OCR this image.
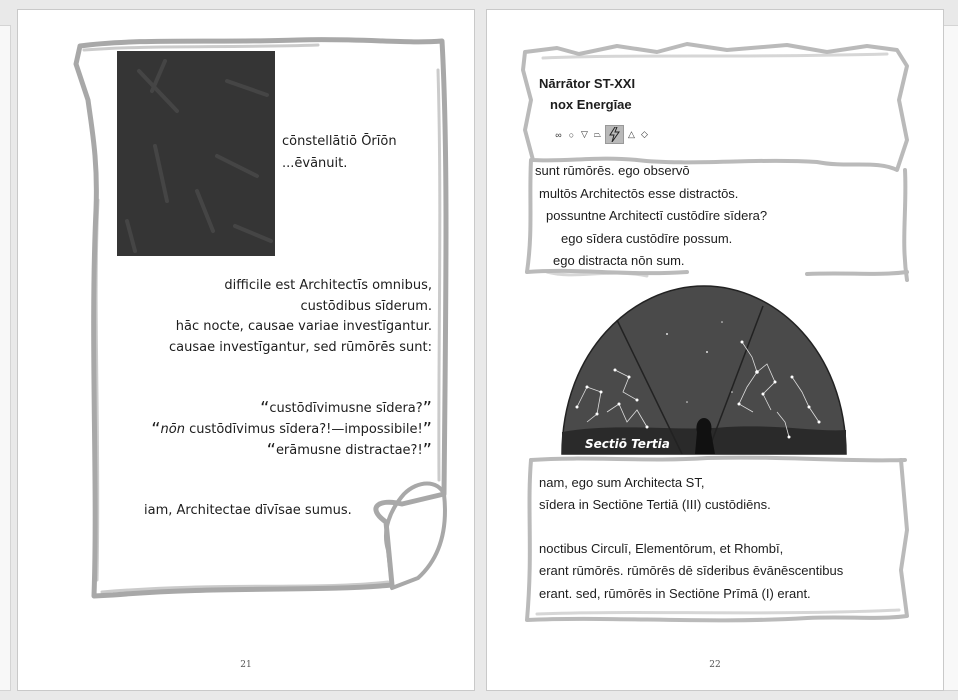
cōnstellātiō Ōrīōn
...ēvānuit.
difficile est Architectīs omnibus,
custōdibus sīderum.
hāc nocte, causae variae investīgantur.
causae investīgantur, sed rūmōrēs sunt:
“custōdīvimusne sīdera?”
“nōn custōdīvimus sīdera?!—impossibile!”
“erāmusne distractae?!”
iam, Architectae dīvīsae sumus.
21
Nārrātor ST-XXI
nox Energīae
∞ ○ ▽ ⏢	△ ◇
sunt rūmōrēs. ego observō
multōs Architectōs esse distractōs.
possuntne Architectī custōdīre sīdera?
ego sīdera custōdīre possum.
ego distracta nōn sum.
Sectiō Tertia
nam, ego sum Architecta ST,
sīdera in Sectiōne Tertiā (III) custōdiēns.
noctibus Circulī, Elementōrum, et Rhombī,
erant rūmōrēs. rūmōrēs dē sīderibus ēvānēscentibus
erant. sed, rūmōrēs in Sectiōne Prīmā (I) erant.
22
